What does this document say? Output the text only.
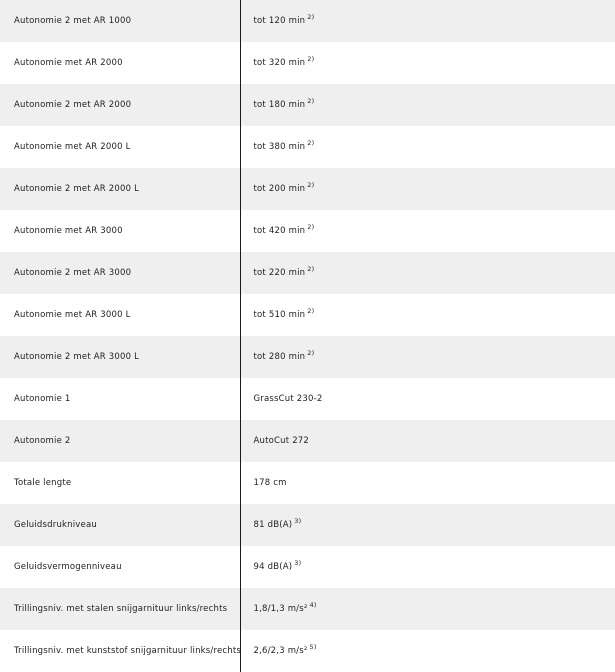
Autonomie 2 met AR 1000	tot 120 min $^{2)}$
Autonomie met AR 2000	tot 320 min $^{2)}$
Autonomie 2 met AR 2000	tot 180 min $^{2)}$
Autonomie met AR 2000 L	tot 380 min $^{2)}$
Autonomie 2 met AR 2000 L	tot 200 min $^{2)}$
Autonomie met AR 3000	tot 420 min $^{2)}$
Autonomie 2 met AR 3000	tot 220 min $^{2)}$
Autonomie met AR 3000 L	tot 510 min $^{2)}$
Autonomie 2 met AR 3000 L	tot 280 min $^{2)}$
Autonomie 1	GrassCut 230-2
Autonomie 2	AutoCut 272
Totale lengte	178 cm
Geluidsdrukniveau	81 dB(A) $^{3)}$
Geluidsvermogenniveau	94 dB(A) $^{3)}$
Trillingsniv. met stalen snijgarnituur links/rechts	1,8/1,3 m/s² $^{4)}$
Trillingsniv. met kunststof snijgarnituur links/rechts	2,6/2,3 m/s² $^{5)}$
